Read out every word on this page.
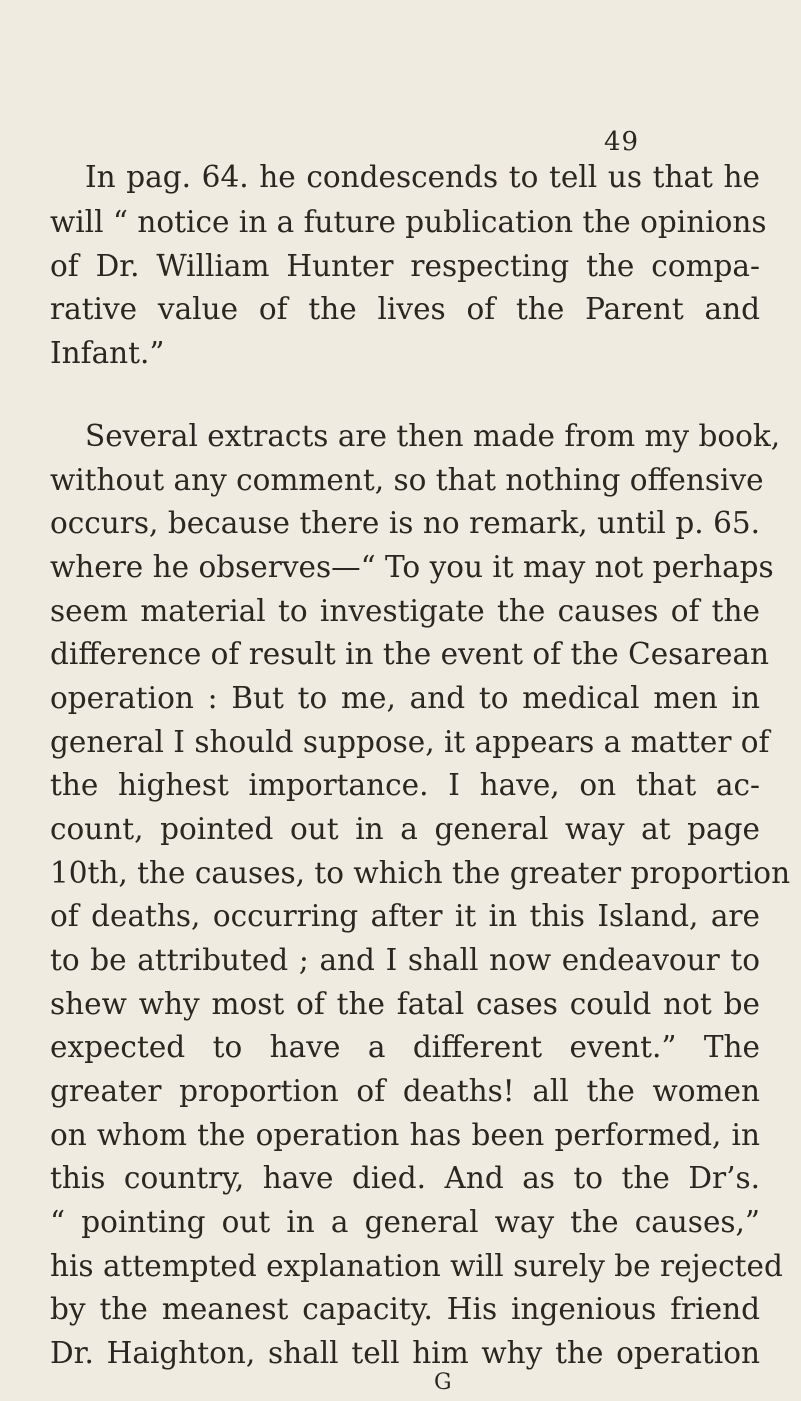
49
In pag. 64. he condescends to tell us that he
will “ notice in a future publication the opinions
of Dr. William Hunter respecting the compa-
rative value of the lives of the Parent and
Infant.”
Several extracts are then made from my book,
without any comment, so that nothing offensive
occurs, because there is no remark, until p. 65.
where he observes—“ To you it may not perhaps
seem material to investigate the causes of the
difference of result in the event of the Cesarean
operation : But to me, and to medical men in
general I should suppose, it appears a matter of
the highest importance. I have, on that ac-
count, pointed out in a general way at page
10th, the causes, to which the greater proportion
of deaths, occurring after it in this Island, are
to be attributed ; and I shall now endeavour to
shew why most of the fatal cases could not be
expected to have a different event.” The
greater proportion of deaths! all the women
on whom the operation has been performed, in
this country, have died. And as to the Dr’s.
“ pointing out in a general way the causes,”
his attempted explanation will surely be rejected
by the meanest capacity. His ingenious friend
Dr. Haighton, shall tell him why the operation
G
